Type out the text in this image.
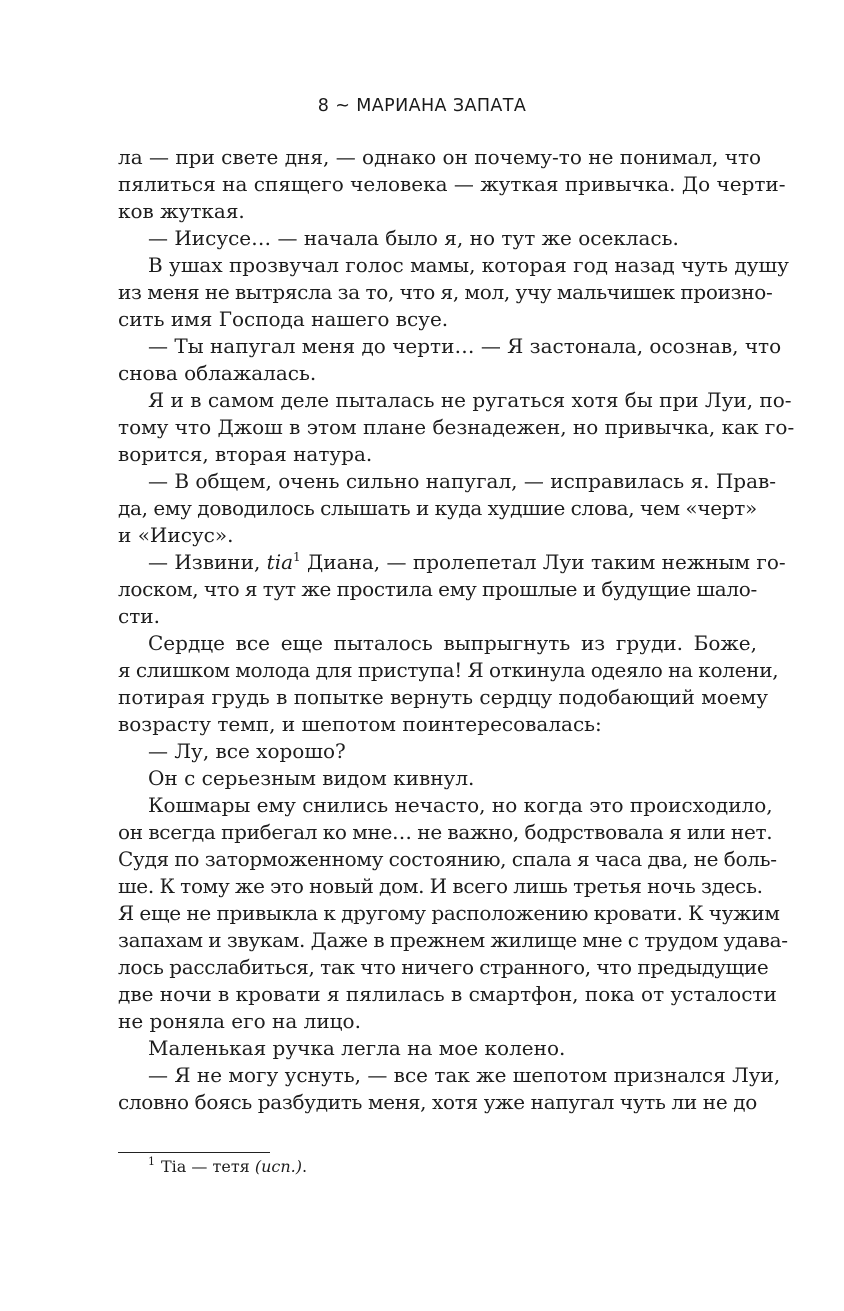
8 ~ МАРИАНА ЗАПАТА
ла — при свете дня, — однако он почему-то не понимал, что
пялиться на спящего человека — жуткая привычка. До черти-
ков жуткая.
— Иисусе… — начала было я, но тут же осеклась.
В ушах прозвучал голос мамы, которая год назад чуть душу
из меня не вытрясла за то, что я, мол, учу мальчишек произно-
сить имя Господа нашего всуе.
— Ты напугал меня до черти… — Я застонала, осознав, что
снова облажалась.
Я и в самом деле пыталась не ругаться хотя бы при Луи, по-
тому что Джош в этом плане безнадежен, но привычка, как го-
ворится, вторая натура.
— В общем, очень сильно напугал, — исправилась я. Прав-
да, ему доводилось слышать и куда худшие слова, чем «черт»
и «Иисус».
— Извини, tia$^1$ Диана, — пролепетал Луи таким нежным го-
лоском, что я тут же простила ему прошлые и будущие шало-
сти.
Сердце все еще пыталось выпрыгнуть из груди. Боже,
я слишком молода для приступа! Я откинула одеяло на колени,
потирая грудь в попытке вернуть сердцу подобающий моему
возрасту темп, и шепотом поинтересовалась:
— Лу, все хорошо?
Он с серьезным видом кивнул.
Кошмары ему снились нечасто, но когда это происходило,
он всегда прибегал ко мне… не важно, бодрствовала я или нет.
Судя по заторможенному состоянию, спала я часа два, не боль-
ше. К тому же это новый дом. И всего лишь третья ночь здесь.
Я еще не привыкла к другому расположению кровати. К чужим
запахам и звукам. Даже в прежнем жилище мне с трудом удава-
лось расслабиться, так что ничего странного, что предыдущие
две ночи в кровати я пялилась в смартфон, пока от усталости
не роняла его на лицо.
Маленькая ручка легла на мое колено.
— Я не могу уснуть, — все так же шепотом признался Луи,
словно боясь разбудить меня, хотя уже напугал чуть ли не до
$^1$ Tia — тетя (исп.).
